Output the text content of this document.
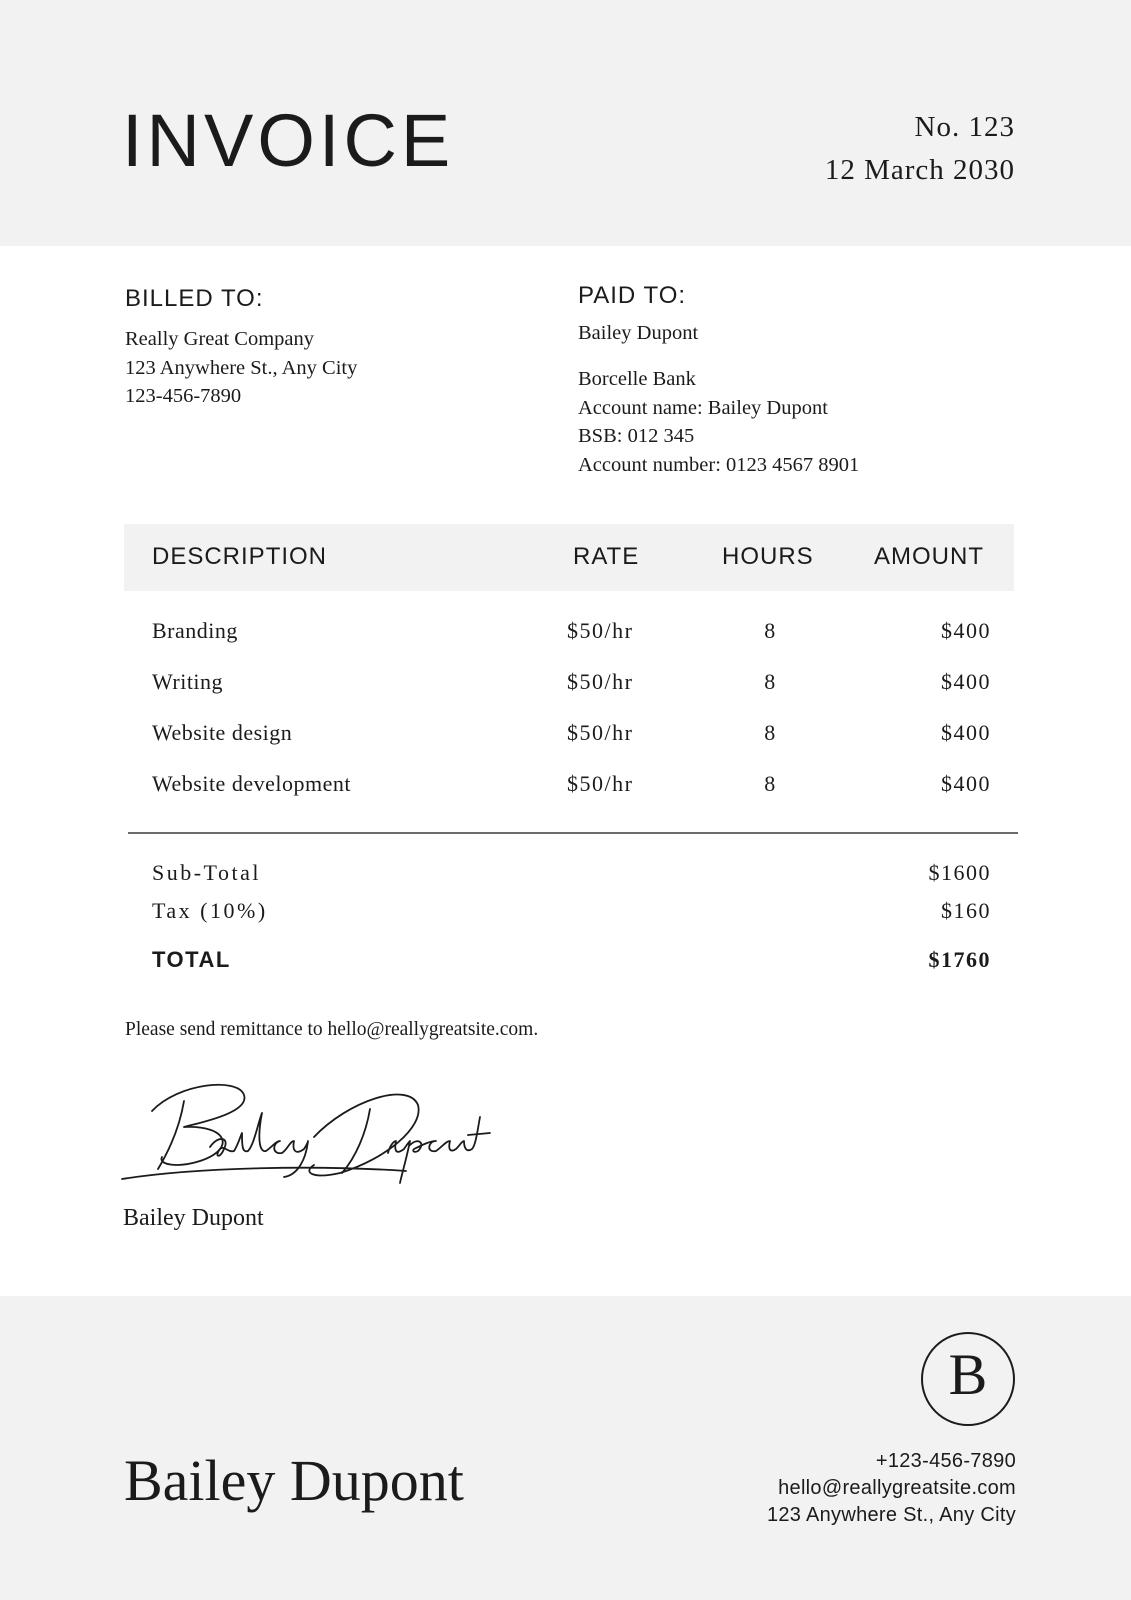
INVOICE	No. 123
12 March 2030
BILLED TO:
Really Great Company
123 Anywhere St., Any City
123-456-7890
PAID TO:
Bailey Dupont
Borcelle Bank
Account name: Bailey Dupont
BSB: 012 345
Account number: 0123 4567 8901
DESCRIPTION	RATE	HOURS	AMOUNT
Branding	$50/hr	8	$400
Writing	$50/hr	8	$400
Website design	$50/hr	8	$400
Website development	$50/hr	8	$400
Sub-Total	$1600
Tax (10%)	$160
TOTAL	$1760
Please send remittance to hello@reallygreatsite.com.
Bailey Dupont
Bailey Dupont
B
+123-456-7890
hello@reallygreatsite.com
123 Anywhere St., Any City
